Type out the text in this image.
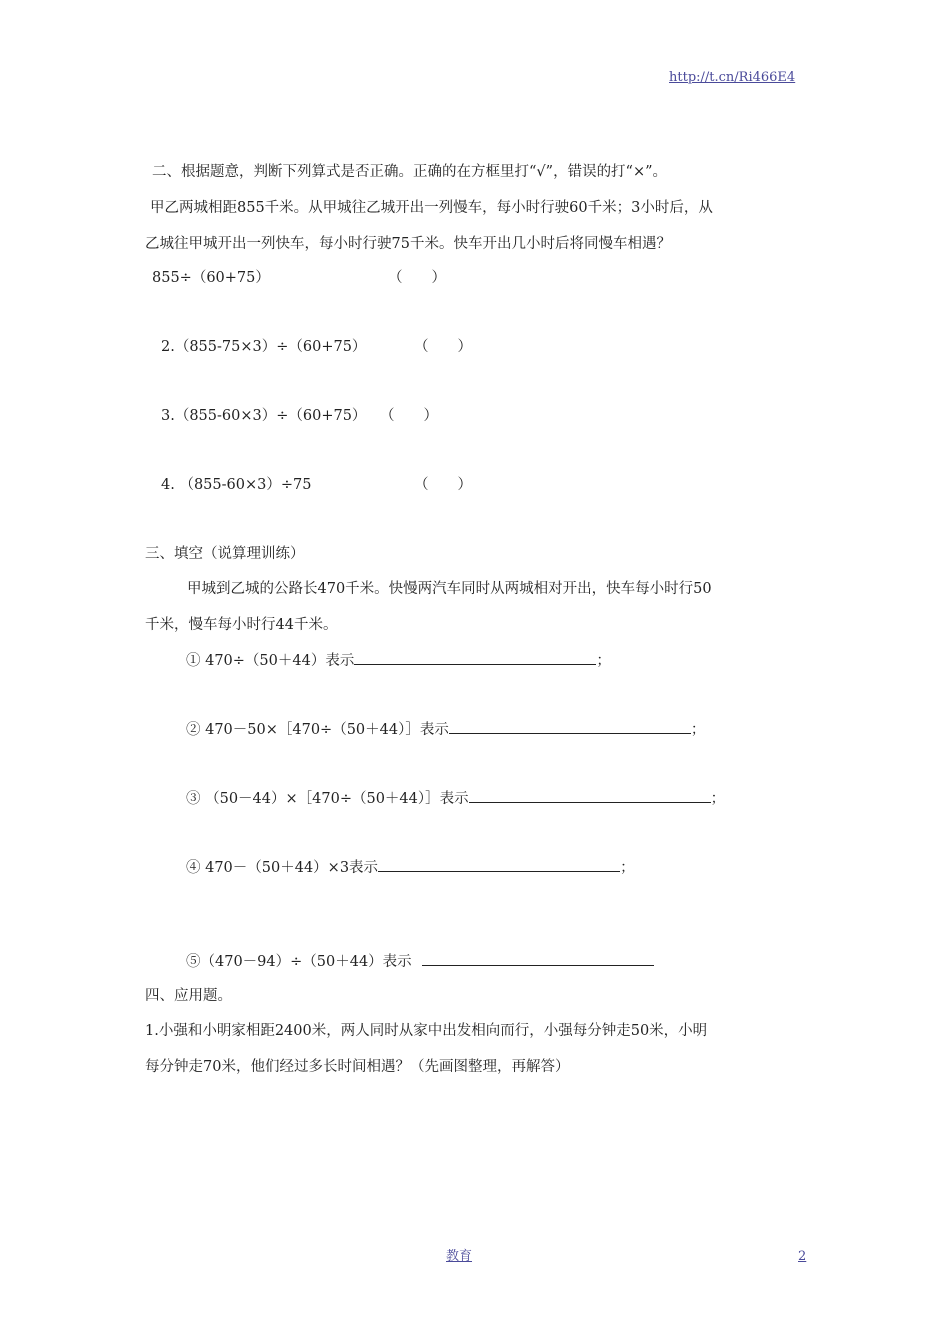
http://t.cn/Ri466E4
二、根据题意，判断下列算式是否正确。正确的在方框里打“√”，错误的打“×”。
甲乙两城相距855千米。从甲城往乙城开出一列慢车，每小时行驶60千米；3小时后，从
乙城往甲城开出一列快车，每小时行驶75千米。快车开出几小时后将同慢车相遇？
855÷（60+75）	（　　）
2.（855-75×3）÷（60+75）	（　　）
3.（855-60×3）÷（60+75） （　　）
4. （855-60×3）÷75	（　　）
三、填空（说算理训练）
甲城到乙城的公路长470千米。快慢两汽车同时从两城相对开出，快车每小时行50
千米，慢车每小时行44千米。
① 470÷（50＋44）表示	；
② 470－50×［470÷（50＋44）］表示	；
③ （50－44）×［470÷（50＋44）］表示	；
④ 470－（50＋44）×3表示	；
⑤（470－94）÷（50＋44）表示
四、应用题。
1.小强和小明家相距2400米，两人同时从家中出发相向而行，小强每分钟走50米，小明
每分钟走70米，他们经过多长时间相遇？（先画图整理，再解答）
教育	2
